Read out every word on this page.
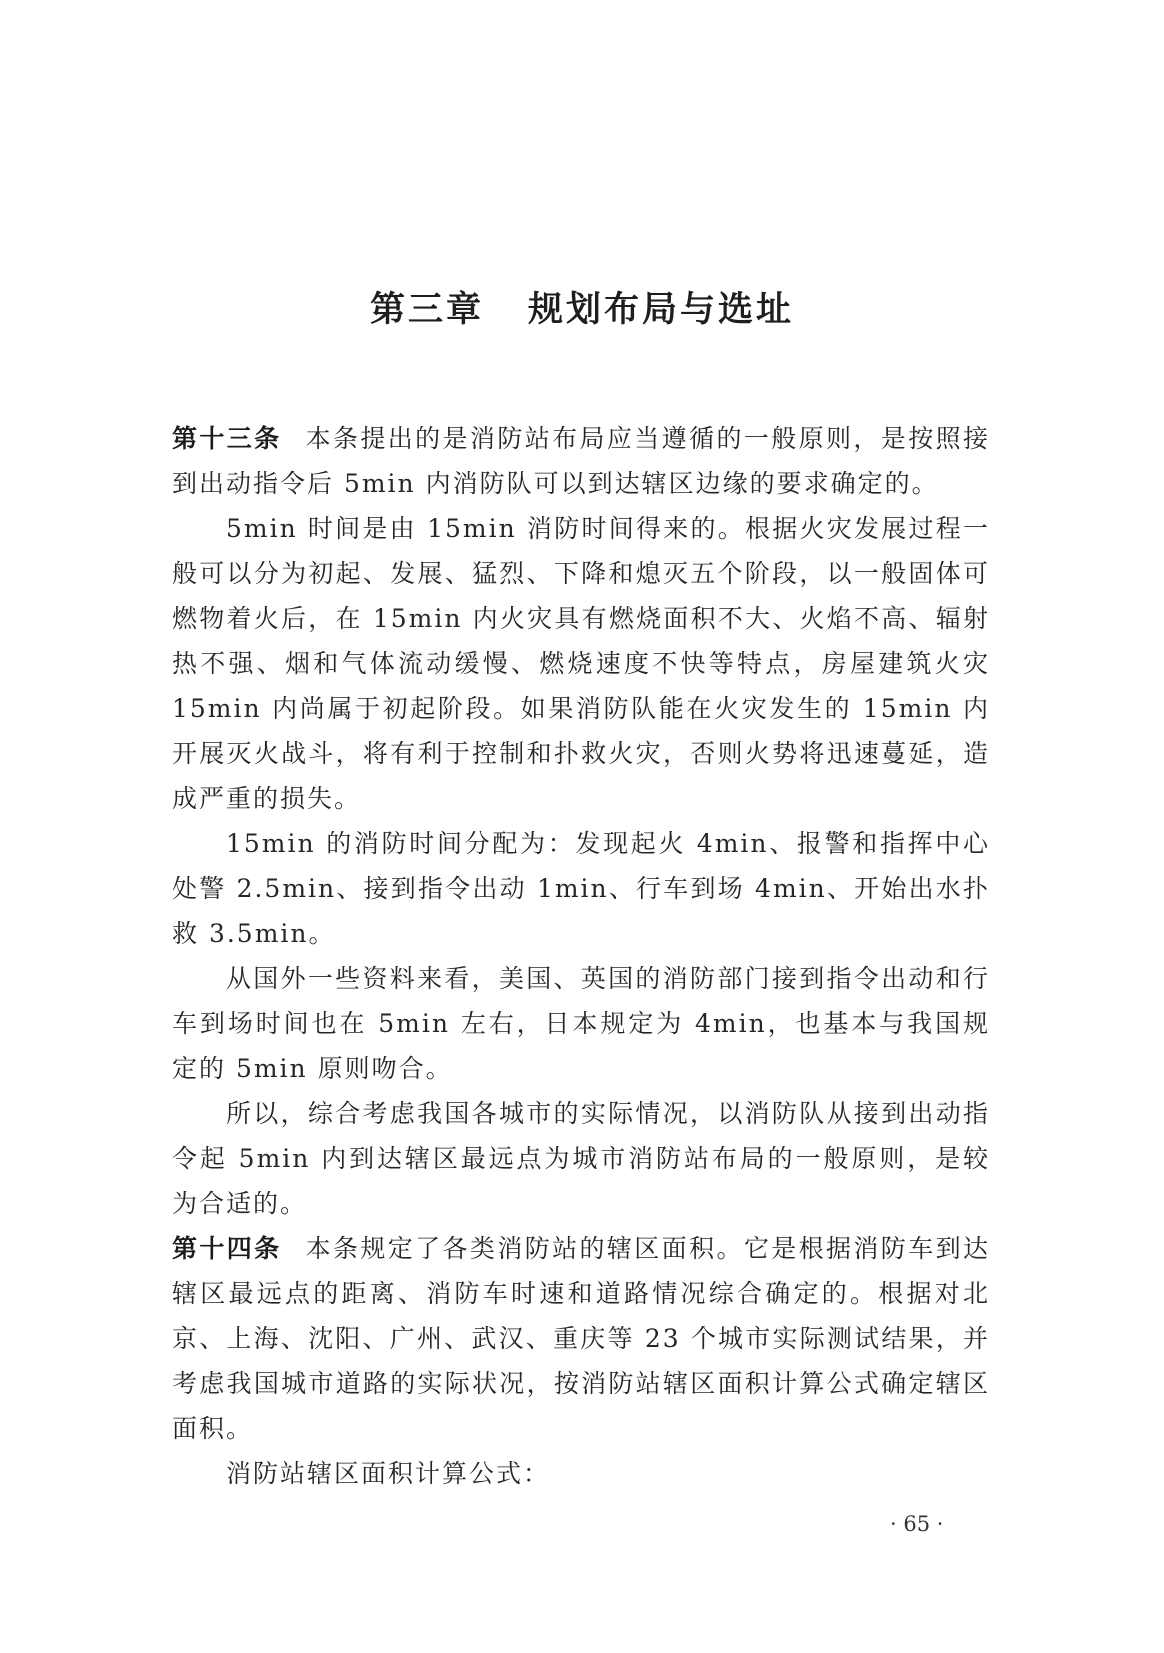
第三章 规划布局与选址

第十三条 本条提出的是消防站布局应当遵循的一般原则，是按照接到出动指令后 5min 内消防队可以到达辖区边缘的要求确定的。

5min 时间是由 15min 消防时间得来的。根据火灾发展过程一般可以分为初起、发展、猛烈、下降和熄灭五个阶段，以一般固体可燃物着火后，在 15min 内火灾具有燃烧面积不大、火焰不高、辐射热不强、烟和气体流动缓慢、燃烧速度不快等特点，房屋建筑火灾 15min 内尚属于初起阶段。如果消防队能在火灾发生的 15min 内开展灭火战斗，将有利于控制和扑救火灾，否则火势将迅速蔓延，造成严重的损失。

15min 的消防时间分配为：发现起火 4min、报警和指挥中心处警 2.5min、接到指令出动 1min、行车到场 4min、开始出水扑救 3.5min。

从国外一些资料来看，美国、英国的消防部门接到指令出动和行车到场时间也在 5min 左右，日本规定为 4min，也基本与我国规定的 5min 原则吻合。

所以，综合考虑我国各城市的实际情况，以消防队从接到出动指令起 5min 内到达辖区最远点为城市消防站布局的一般原则，是较为合适的。

第十四条 本条规定了各类消防站的辖区面积。它是根据消防车到达辖区最远点的距离、消防车时速和道路情况综合确定的。根据对北京、上海、沈阳、广州、武汉、重庆等 23 个城市实际测试结果，并考虑我国城市道路的实际状况，按消防站辖区面积计算公式确定辖区面积。

消防站辖区面积计算公式：

· 65 ·
